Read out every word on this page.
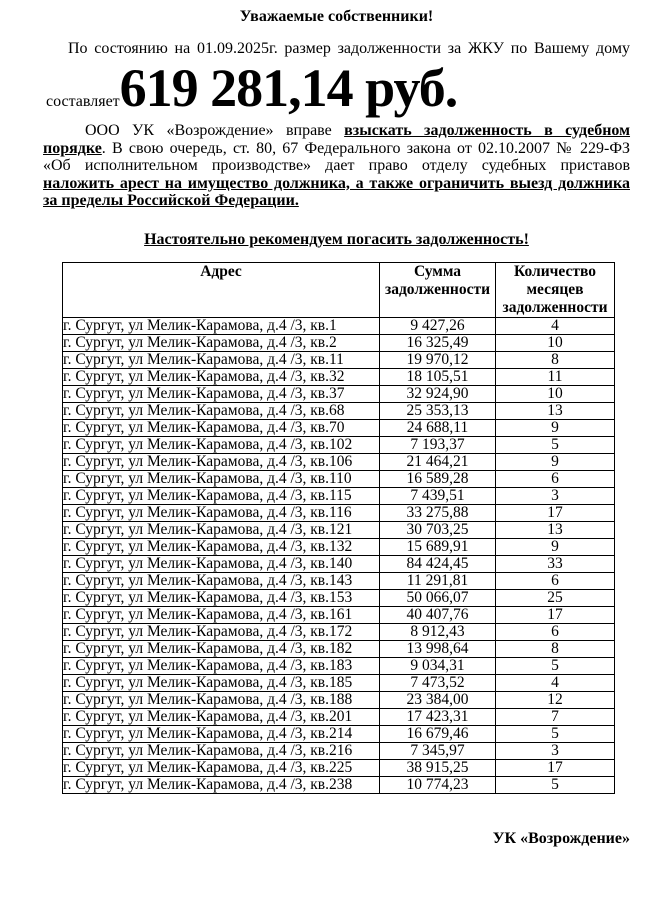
Уважаемые собственники!

По состоянию на 01.09.2025г. размер задолженности за ЖКУ по Вашему дому

составляет 619 281,14 руб.

ООО УК «Возрождение» вправе взыскать задолженность в судебном порядке. В свою очередь, ст. 80, 67 Федерального закона от 02.10.2007 № 229-ФЗ «Об исполнительном производстве» дает право отделу судебных приставов наложить арест на имущество должника, а также ограничить выезд должника за пределы Российской Федерации.

Настоятельно рекомендуем погасить задолженность!
Адрес	Сумма задолженности	Количество месяцев задолженности
г. Сургут, ул Мелик-Карамова, д.4 /3, кв.1	9 427,26	4
г. Сургут, ул Мелик-Карамова, д.4 /3, кв.2	16 325,49	10
г. Сургут, ул Мелик-Карамова, д.4 /3, кв.11	19 970,12	8
г. Сургут, ул Мелик-Карамова, д.4 /3, кв.32	18 105,51	11
г. Сургут, ул Мелик-Карамова, д.4 /3, кв.37	32 924,90	10
г. Сургут, ул Мелик-Карамова, д.4 /3, кв.68	25 353,13	13
г. Сургут, ул Мелик-Карамова, д.4 /3, кв.70	24 688,11	9
г. Сургут, ул Мелик-Карамова, д.4 /3, кв.102	7 193,37	5
г. Сургут, ул Мелик-Карамова, д.4 /3, кв.106	21 464,21	9
г. Сургут, ул Мелик-Карамова, д.4 /3, кв.110	16 589,28	6
г. Сургут, ул Мелик-Карамова, д.4 /3, кв.115	7 439,51	3
г. Сургут, ул Мелик-Карамова, д.4 /3, кв.116	33 275,88	17
г. Сургут, ул Мелик-Карамова, д.4 /3, кв.121	30 703,25	13
г. Сургут, ул Мелик-Карамова, д.4 /3, кв.132	15 689,91	9
г. Сургут, ул Мелик-Карамова, д.4 /3, кв.140	84 424,45	33
г. Сургут, ул Мелик-Карамова, д.4 /3, кв.143	11 291,81	6
г. Сургут, ул Мелик-Карамова, д.4 /3, кв.153	50 066,07	25
г. Сургут, ул Мелик-Карамова, д.4 /3, кв.161	40 407,76	17
г. Сургут, ул Мелик-Карамова, д.4 /3, кв.172	8 912,43	6
г. Сургут, ул Мелик-Карамова, д.4 /3, кв.182	13 998,64	8
г. Сургут, ул Мелик-Карамова, д.4 /3, кв.183	9 034,31	5
г. Сургут, ул Мелик-Карамова, д.4 /3, кв.185	7 473,52	4
г. Сургут, ул Мелик-Карамова, д.4 /3, кв.188	23 384,00	12
г. Сургут, ул Мелик-Карамова, д.4 /3, кв.201	17 423,31	7
г. Сургут, ул Мелик-Карамова, д.4 /3, кв.214	16 679,46	5
г. Сургут, ул Мелик-Карамова, д.4 /3, кв.216	7 345,97	3
г. Сургут, ул Мелик-Карамова, д.4 /3, кв.225	38 915,25	17
г. Сургут, ул Мелик-Карамова, д.4 /3, кв.238	10 774,23	5
УК «Возрождение»
